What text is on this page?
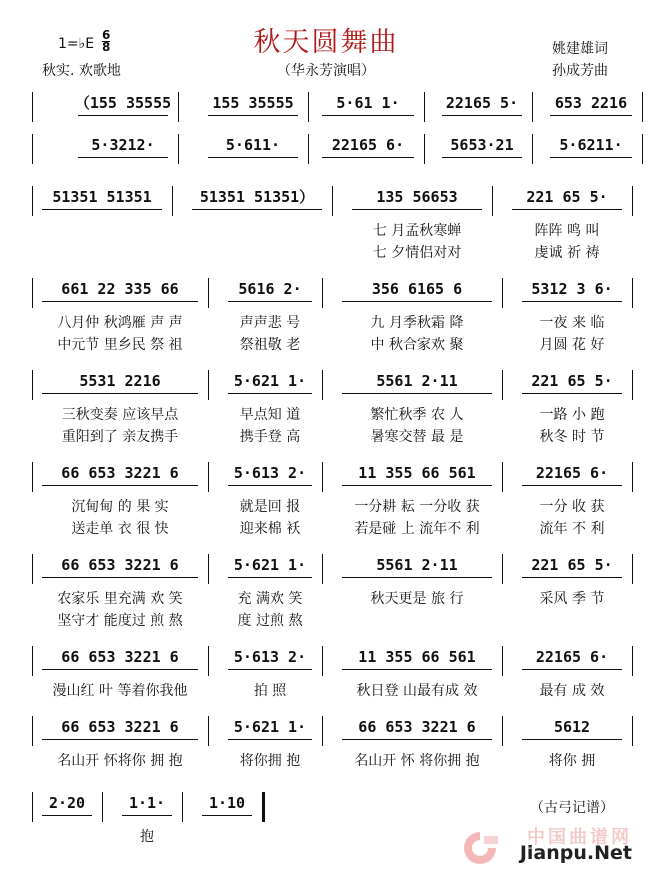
秋天圆舞曲
1=♭E
6
8
秋实. 欢歌地	（华永芳演唱）
姚建雄词
孙成芳曲
（155 35555	155 35555	5·61 1·	22165 5·	653 2216
5·3212·	5·611·	22165 6·	5653·21	5·6211·
51351 51351	51351 51351）	135 56653	221 65 5·
七 月孟秋寒蝉	阵阵 鸣 叫
七 夕情侣对对	虔诚 祈 祷
661 22 335 66	5616 2·	356 6165 6	5312 3 6·
八月仲 秋鸿雁 声 声	声声悲 号	九 月季秋霜 降	一夜 来 临
中元节 里乡民 祭 祖	祭祖敬 老	中 秋合家欢 聚	月圆 花 好
5531 2216	5·621 1·	5561 2·11	221 65 5·
三秋变奏 应该早点	早点知 道	繁忙秋季 农 人	一路 小 跑
重阳到了 亲友携手	携手登 高	暑寒交替 最 是	秋冬 时 节
66 653 3221 6	5·613 2·	11 355 66 561	22165 6·
沉甸甸 的 果 实	就是回 报	一分耕 耘 一分收 获	一分 收 获
送走单 衣 很 快	迎来棉 袄	若是碰 上 流年不 利	流年 不 利
66 653 3221 6	5·621 1·	5561 2·11	221 65 5·
农家乐 里充满 欢 笑	充 满欢 笑	秋天更是 旅 行	采风 季 节
坚守才 能度过 煎 熬	度 过煎 熬
66 653 3221 6	5·613 2·	11 355 66 561	22165 6·
漫山红 叶 等着你我他	拍 照	秋日登 山最有成 效	最有 成 效
66 653 3221 6	5·621 1·	66 653 3221 6	5612
名山开 怀将你 拥 抱	将你拥 抱	名山开 怀 将你拥 抱	将你 拥
2·20	1·1·	1·10
抱
（古弓记谱）
中国曲谱网
Jianpu.Net
